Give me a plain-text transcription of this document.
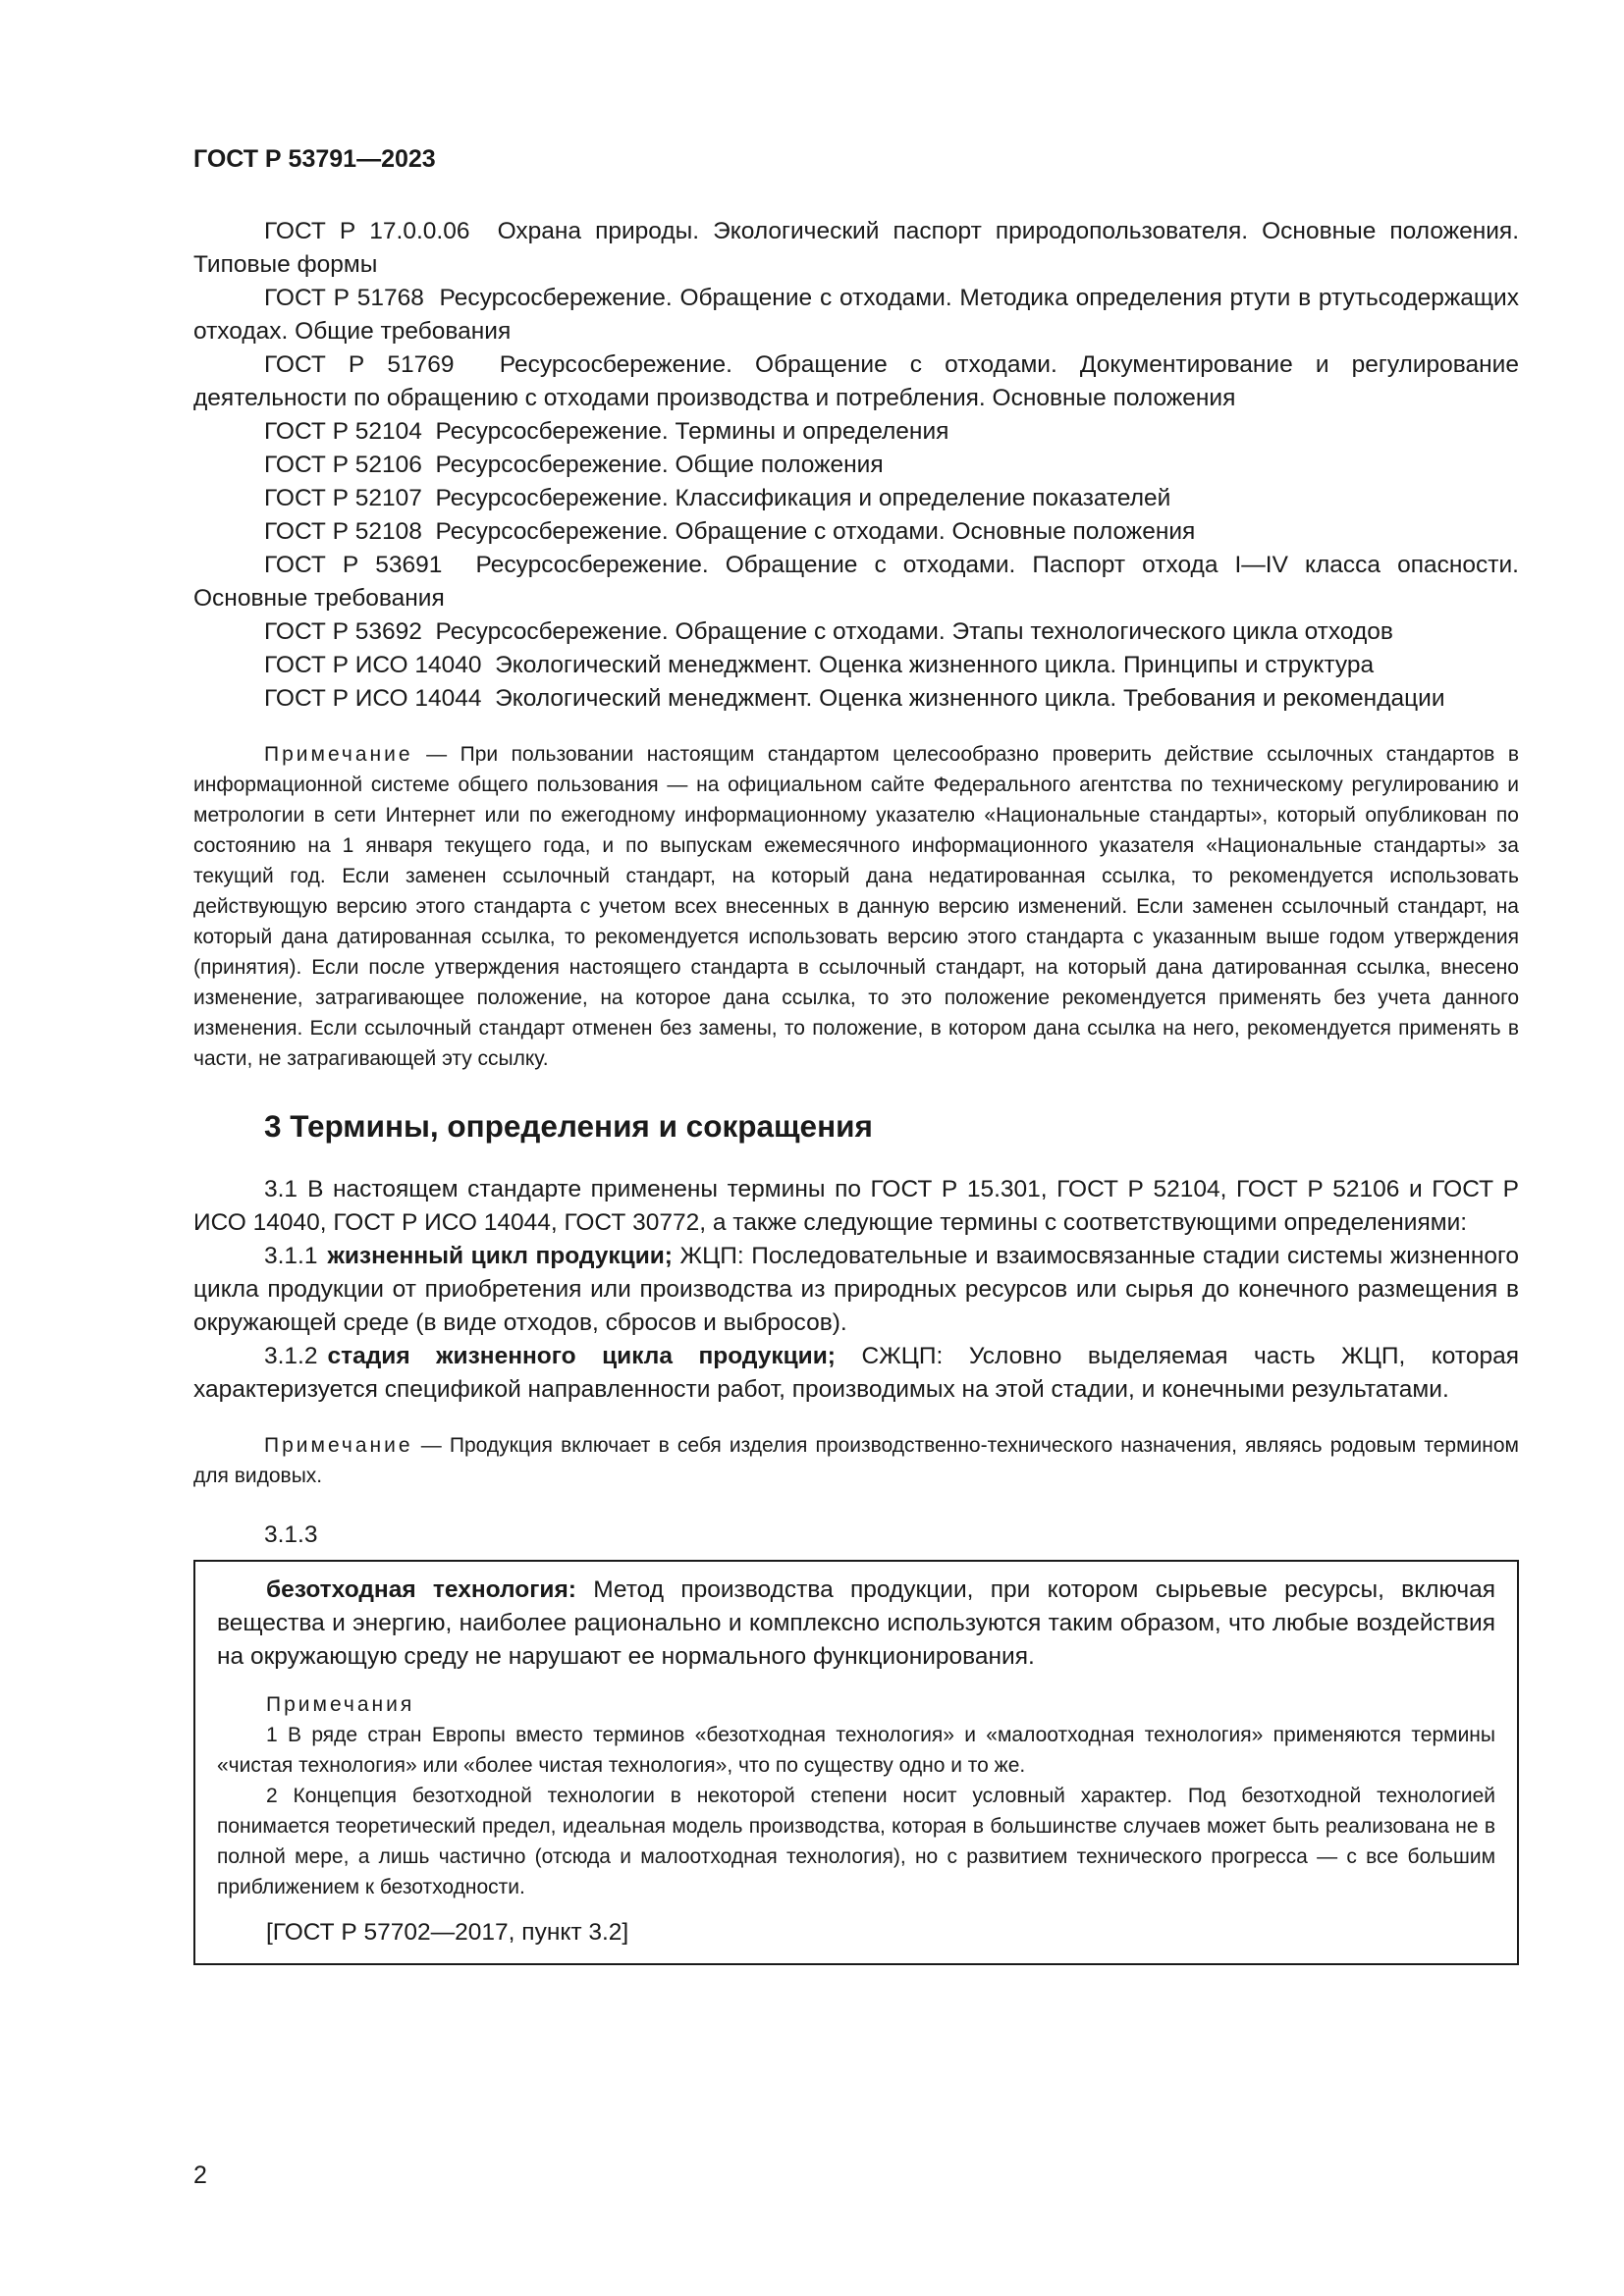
ГОСТ Р 53791—2023

ГОСТ Р 17.0.0.06 Охрана природы. Экологический паспорт природопользователя. Основные положения. Типовые формы

ГОСТ Р 51768 Ресурсосбережение. Обращение с отходами. Методика определения ртути в ртутьсодержащих отходах. Общие требования

ГОСТ Р 51769 Ресурсосбережение. Обращение с отходами. Документирование и регулирование деятельности по обращению с отходами производства и потребления. Основные положения

ГОСТ Р 52104 Ресурсосбережение. Термины и определения

ГОСТ Р 52106 Ресурсосбережение. Общие положения

ГОСТ Р 52107 Ресурсосбережение. Классификация и определение показателей

ГОСТ Р 52108 Ресурсосбережение. Обращение с отходами. Основные положения

ГОСТ Р 53691 Ресурсосбережение. Обращение с отходами. Паспорт отхода I—IV класса опасности. Основные требования

ГОСТ Р 53692 Ресурсосбережение. Обращение с отходами. Этапы технологического цикла отходов

ГОСТ Р ИСО 14040 Экологический менеджмент. Оценка жизненного цикла. Принципы и структура

ГОСТ Р ИСО 14044 Экологический менеджмент. Оценка жизненного цикла. Требования и рекомендации

Примечание — При пользовании настоящим стандартом целесообразно проверить действие ссылочных стандартов в информационной системе общего пользования — на официальном сайте Федерального агентства по техническому регулированию и метрологии в сети Интернет или по ежегодному информационному указателю «Национальные стандарты», который опубликован по состоянию на 1 января текущего года, и по выпускам ежемесячного информационного указателя «Национальные стандарты» за текущий год. Если заменен ссылочный стандарт, на который дана недатированная ссылка, то рекомендуется использовать действующую версию этого стандарта с учетом всех внесенных в данную версию изменений. Если заменен ссылочный стандарт, на который дана датированная ссылка, то рекомендуется использовать версию этого стандарта с указанным выше годом утверждения (принятия). Если после утверждения настоящего стандарта в ссылочный стандарт, на который дана датированная ссылка, внесено изменение, затрагивающее положение, на которое дана ссылка, то это положение рекомендуется применять без учета данного изменения. Если ссылочный стандарт отменен без замены, то положение, в котором дана ссылка на него, рекомендуется применять в части, не затрагивающей эту ссылку.

3 Термины, определения и сокращения

3.1 В настоящем стандарте применены термины по ГОСТ Р 15.301, ГОСТ Р 52104, ГОСТ Р 52106 и ГОСТ Р ИСО 14040, ГОСТ Р ИСО 14044, ГОСТ 30772, а также следующие термины с соответствующими определениями:

3.1.1 жизненный цикл продукции; ЖЦП: Последовательные и взаимосвязанные стадии системы жизненного цикла продукции от приобретения или производства из природных ресурсов или сырья до конечного размещения в окружающей среде (в виде отходов, сбросов и выбросов).

3.1.2 стадия жизненного цикла продукции; СЖЦП: Условно выделяемая часть ЖЦП, которая характеризуется спецификой направленности работ, производимых на этой стадии, и конечными результатами.

Примечание — Продукция включает в себя изделия производственно-технического назначения, являясь родовым термином для видовых.

3.1.3

безотходная технология: Метод производства продукции, при котором сырьевые ресурсы, включая вещества и энергию, наиболее рационально и комплексно используются таким образом, что любые воздействия на окружающую среду не нарушают ее нормального функционирования.

Примечания

1 В ряде стран Европы вместо терминов «безотходная технология» и «малоотходная технология» применяются термины «чистая технология» или «более чистая технология», что по существу одно и то же.

2 Концепция безотходной технологии в некоторой степени носит условный характер. Под безотходной технологией понимается теоретический предел, идеальная модель производства, которая в большинстве случаев может быть реализована не в полной мере, а лишь частично (отсюда и малоотходная технология), но с развитием технического прогресса — с все большим приближением к безотходности.

[ГОСТ Р 57702—2017, пункт 3.2]
2
